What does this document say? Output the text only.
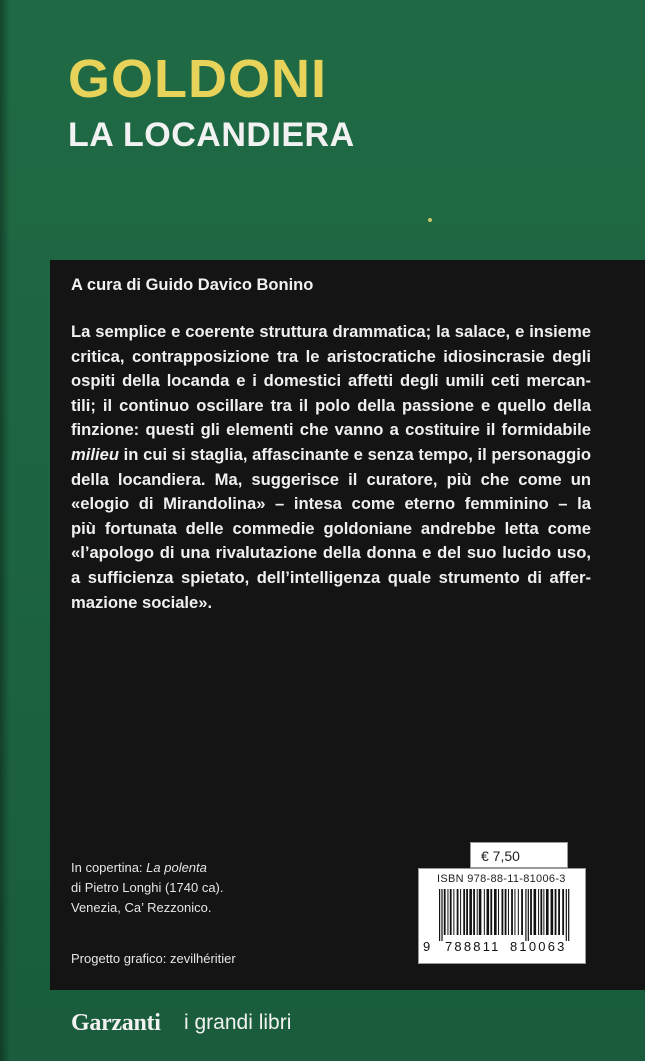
GOLDONI
LA LOCANDIERA

A cura di Guido Davico Bonino

La semplice e coerente struttura drammatica; la salace, e insieme
critica, contrapposizione tra le aristocratiche idiosincrasie degli
ospiti della locanda e i domestici affetti degli umili ceti mercan-
tili; il continuo oscillare tra il polo della passione e quello della
finzione: questi gli elementi che vanno a costituire il formidabile
milieu in cui si staglia, affascinante e senza tempo, il personaggio
della locandiera. Ma, suggerisce il curatore, più che come un
«elogio di Mirandolina» – intesa come eterno femminino – la
più fortunata delle commedie goldoniane andrebbe letta come
«l’apologo di una rivalutazione della donna e del suo lucido uso,
a sufficienza spietato, dell’intelligenza quale strumento di affer-
mazione sociale».
In copertina: La polenta
di Pietro Longhi (1740 ca).
Venezia, Ca’ Rezzonico.

Progetto grafico: zevilhéritier

€ 7,50
ISBN 978-88-11-81006-3
9 788811 810063
Garzanti i grandi libri
